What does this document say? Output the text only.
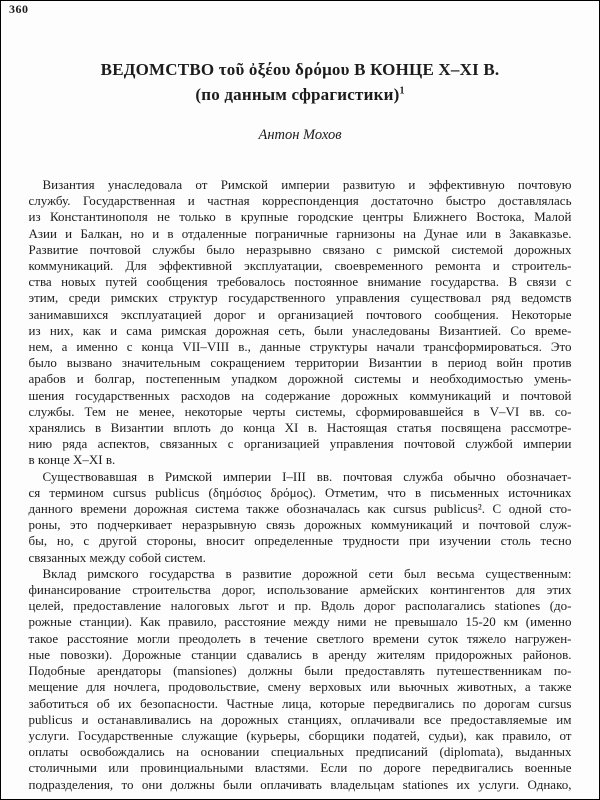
360
ВЕДОМСТВО τοῦ ὀξέου δρόμου В КОНЦЕ X–XI В.
(по данным сфрагистики)$^1$
Антон Мохов
Византия унаследовала от Римской империи развитую и эффективную почтовую
службу. Государственная и частная корреспонденция достаточно быстро доставлялась
из Константинополя не только в крупные городские центры Ближнего Востока, Малой
Азии и Балкан, но и в отдаленные пограничные гарнизоны на Дунае или в Закавказье.
Развитие почтовой службы было неразрывно связано с римской системой дорожных
коммуникаций. Для эффективной эксплуатации, своевременного ремонта и строитель-
ства новых путей сообщения требовалось постоянное внимание государства. В связи с
этим, среди римских структур государственного управления существовал ряд ведомств
занимавшихся эксплуатацией дорог и организацией почтового сообщения. Некоторые
из них, как и сама римская дорожная сеть, были унаследованы Византией. Со време-
нем, а именно с конца VII–VIII в., данные структуры начали трансформироваться. Это
было вызвано значительным сокращением территории Византии в период войн против
арабов и болгар, постепенным упадком дорожной системы и необходимостью умень-
шения государственных расходов на содержание дорожных коммуникаций и почтовой
службы. Тем не менее, некоторые черты системы, сформировавшейся в V–VI вв. со-
хранялись в Византии вплоть до конца XI в. Настоящая статья посвящена рассмотре-
нию ряда аспектов, связанных с организацией управления почтовой службой империи
в конце X–XI в.
Существовавшая в Римской империи I–III вв. почтовая служба обычно обозначает-
ся термином cursus publicus (δημόσιος δρόμος). Отметим, что в письменных источниках
данного времени дорожная система также обозначалась как cursus publicus². С одной сто-
роны, это подчеркивает неразрывную связь дорожных коммуникаций и почтовой служ-
бы, но, с другой стороны, вносит определенные трудности при изучении столь тесно
связанных между собой систем.
Вклад римского государства в развитие дорожной сети был весьма существенным:
финансирование строительства дорог, использование армейских контингентов для этих
целей, предоставление налоговых льгот и пр. Вдоль дорог располагались stationes (до-
рожные станции). Как правило, расстояние между ними не превышало 15-20 км (именно
такое расстояние могли преодолеть в течение светлого времени суток тяжело нагружен-
ные повозки). Дорожные станции сдавались в аренду жителям придорожных районов.
Подобные арендаторы (mansiones) должны были предоставлять путешественникам по-
мещение для ночлега, продовольствие, смену верховых или вьючных животных, а также
заботиться об их безопасности. Частные лица, которые передвигались по дорогам cursus
publicus и останавливались на дорожных станциях, оплачивали все предоставляемые им
услуги. Государственные служащие (курьеры, сборщики податей, судьи), как правило, от
оплаты освобождались на основании специальных предписаний (diplomata), выданных
столичными или провинциальными властями. Если по дороге передвигались военные
подразделения, то они должны были оплачивать владельцам stationes их услуги. Однако,
